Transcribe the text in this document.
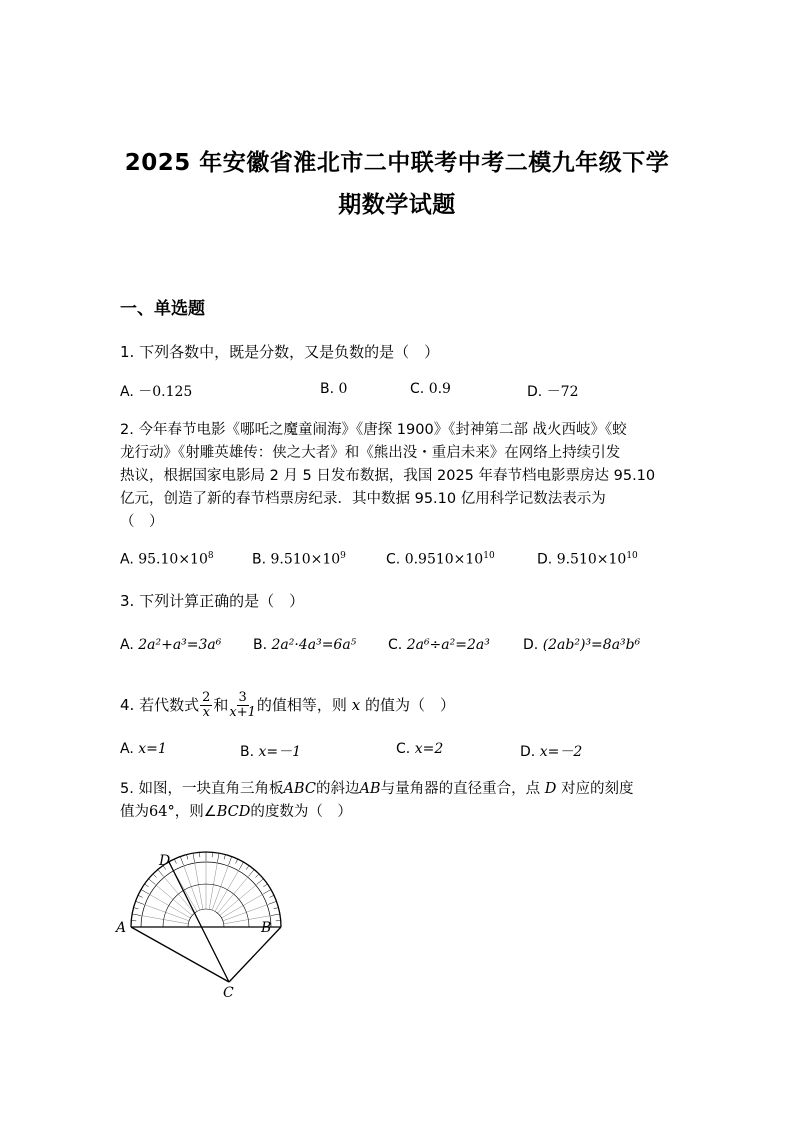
2025 年安徽省淮北市二中联考中考二模九年级下学
期数学试题
一、单选题
1. 下列各数中，既是分数，又是负数的是（　）
A. －0.125	B. 0	C. 0.9	D. －72
2. 今年春节电影《哪吒之魔童闹海》《唐探 1900》《封神第二部 战火西岐》《蛟
龙行动》《射雕英雄传：侠之大者》和《熊出没・重启未来》在网络上持续引发
热议，根据国家电影局 2 月 5 日发布数据，我国 2025 年春节档电影票房达 95.10
亿元，创造了新的春节档票房纪录．其中数据 95.10 亿用科学记数法表示为
（　）
A. $95.10\times 10^8$	B. $9.510\times 10^9$	C. $0.9510\times 10^{10}$	D. $9.510\times 10^{10}$
3. 下列计算正确的是（　）
A. 2a²+a³=3a⁶ B. 2a²·4a³=6a⁵ C. 2a⁶÷a²=2a³ D. (2ab²)³=8a³b⁶
4. 若代数式 $\frac{2}{x}$ 和 $\frac{3}{x+1}$ 的值相等，则 x 的值为（　）
A. x=1	B. x=－1	C. x=2	D. x=－2
5. 如图，一块直角三角板ABC的斜边AB与量角器的直径重合，点 D 对应的刻度
值为64°，则∠BCD的度数为（　）
D
A	B
C
